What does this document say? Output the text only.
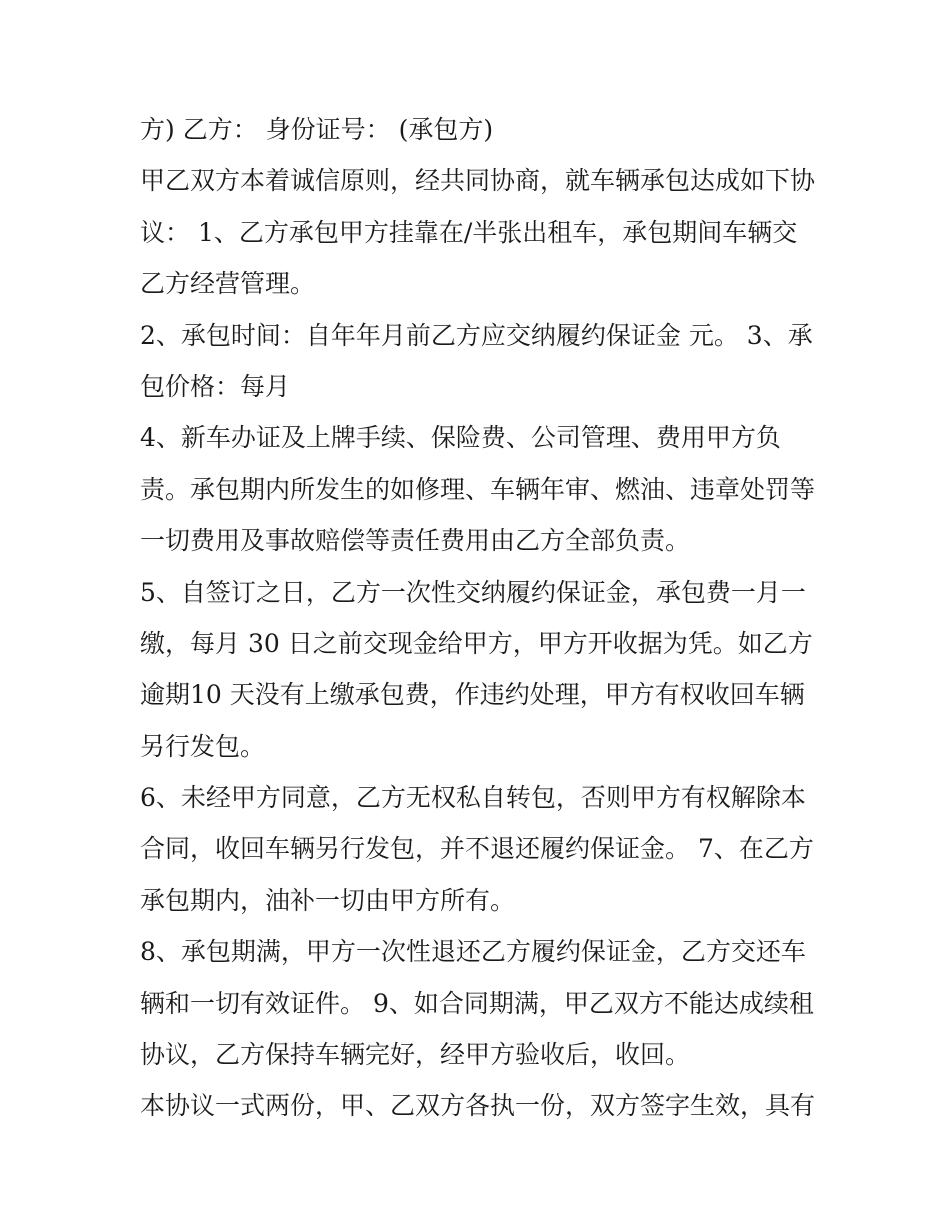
方) 乙方： 身份证号： (承包方)
甲乙双方本着诚信原则，经共同协商，就车辆承包达成如下协
议： 1、乙方承包甲方挂靠在/半张出租车，承包期间车辆交
乙方经营管理。
2、承包时间：自年年月前乙方应交纳履约保证金 元。 3、承
包价格：每月
4、新车办证及上牌手续、保险费、公司管理、费用甲方负
责。承包期内所发生的如修理、车辆年审、燃油、违章处罚等
一切费用及事故赔偿等责任费用由乙方全部负责。
5、自签订之日，乙方一次性交纳履约保证金，承包费一月一
缴，每月 30 日之前交现金给甲方，甲方开收据为凭。如乙方
逾期10 天没有上缴承包费，作违约处理，甲方有权收回车辆
另行发包。
6、未经甲方同意，乙方无权私自转包，否则甲方有权解除本
合同，收回车辆另行发包，并不退还履约保证金。 7、在乙方
承包期内，油补一切由甲方所有。
8、承包期满，甲方一次性退还乙方履约保证金，乙方交还车
辆和一切有效证件。 9、如合同期满，甲乙双方不能达成续租
协议，乙方保持车辆完好，经甲方验收后，收回。
本协议一式两份，甲、乙双方各执一份，双方签字生效，具有
